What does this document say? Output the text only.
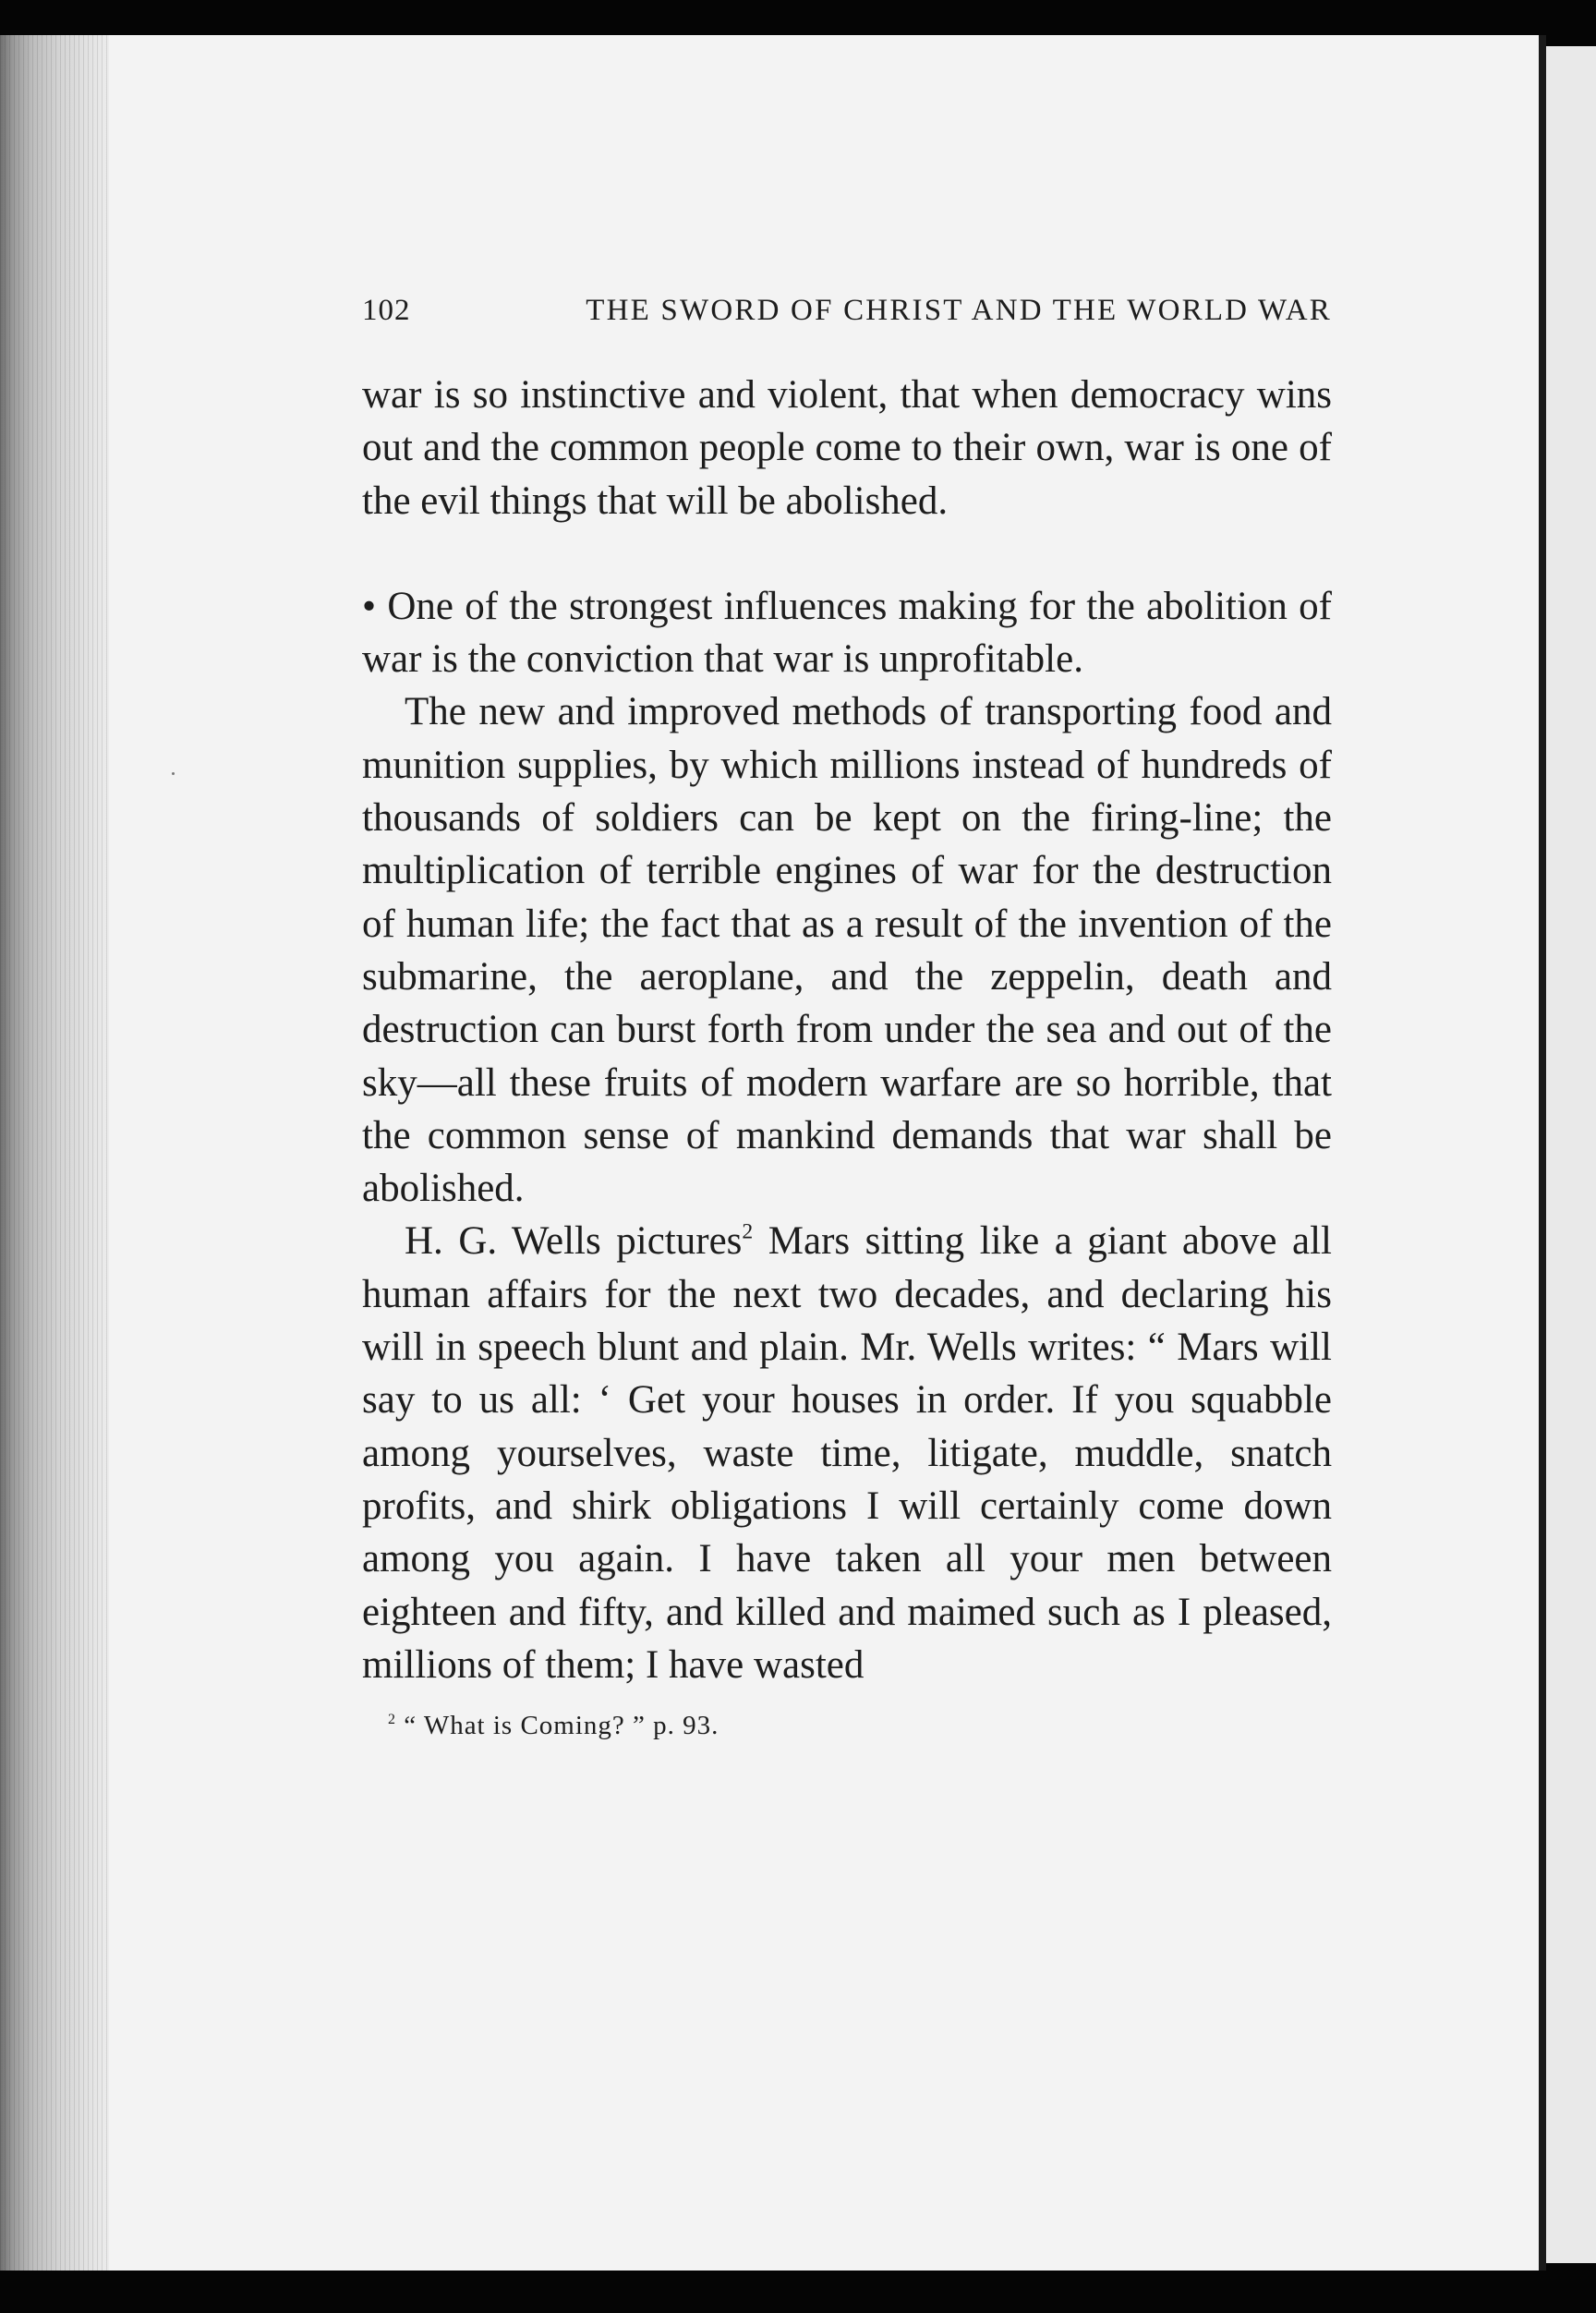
102	THE SWORD OF CHRIST AND THE WORLD WAR

war is so instinctive and violent, that when democracy wins out and the common people come to their own, war is one of the evil things that will be abolished.

• One of the strongest influences making for the abolition of war is the conviction that war is unprofitable.

The new and improved methods of transporting food and munition supplies, by which millions instead of hundreds of thousands of soldiers can be kept on the firing-line; the multiplication of terrible engines of war for the destruction of human life; the fact that as a result of the invention of the submarine, the aeroplane, and the zeppelin, death and destruction can burst forth from under the sea and out of the sky—all these fruits of modern warfare are so horrible, that the common sense of mankind demands that war shall be abolished.

H. G. Wells pictures$^2$ Mars sitting like a giant above all human affairs for the next two decades, and declaring his will in speech blunt and plain. Mr. Wells writes: “ Mars will say to us all: ‘ Get your houses in order. If you squabble among yourselves, waste time, litigate, muddle, snatch profits, and shirk obligations I will certainly come down among you again. I have taken all your men between eighteen and fifty, and killed and maimed such as I pleased, millions of them; I have wasted

$^2$ “ What is Coming? ” p. 93.
